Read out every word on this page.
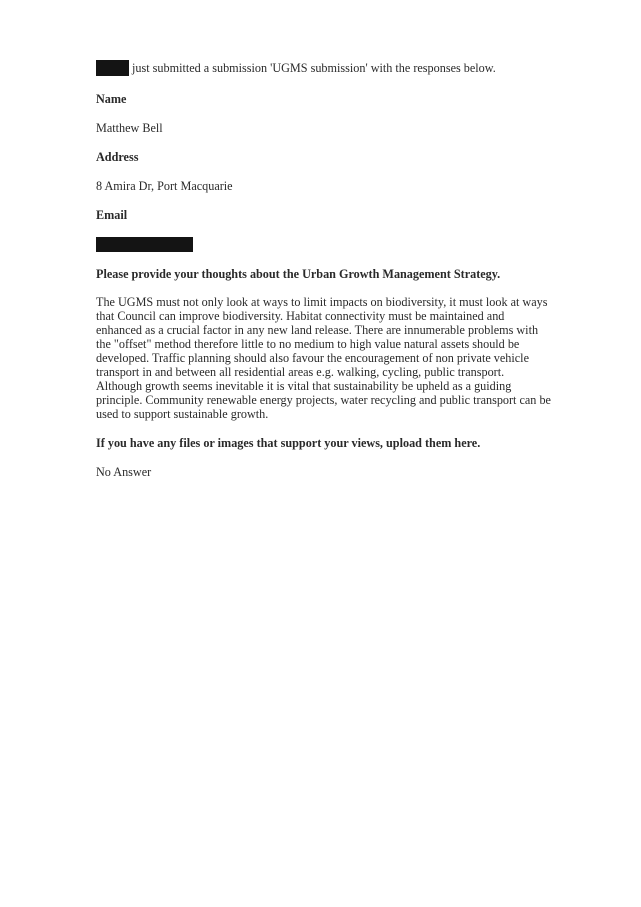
just submitted a submission 'UGMS submission' with the responses below.
Name
Matthew Bell
Address
8 Amira Dr, Port Macquarie
Email
Please provide your thoughts about the Urban Growth Management Strategy.
The UGMS must not only look at ways to limit impacts on biodiversity, it must look at ways that Council can improve biodiversity. Habitat connectivity must be maintained and enhanced as a crucial factor in any new land release. There are innumerable problems with the "offset" method therefore little to no medium to high value natural assets should be developed. Traffic planning should also favour the encouragement of non private vehicle transport in and between all residential areas e.g. walking, cycling, public transport. Although growth seems inevitable it is vital that sustainability be upheld as a guiding principle. Community renewable energy projects, water recycling and public transport can be used to support sustainable growth.
If you have any files or images that support your views, upload them here.
No Answer
